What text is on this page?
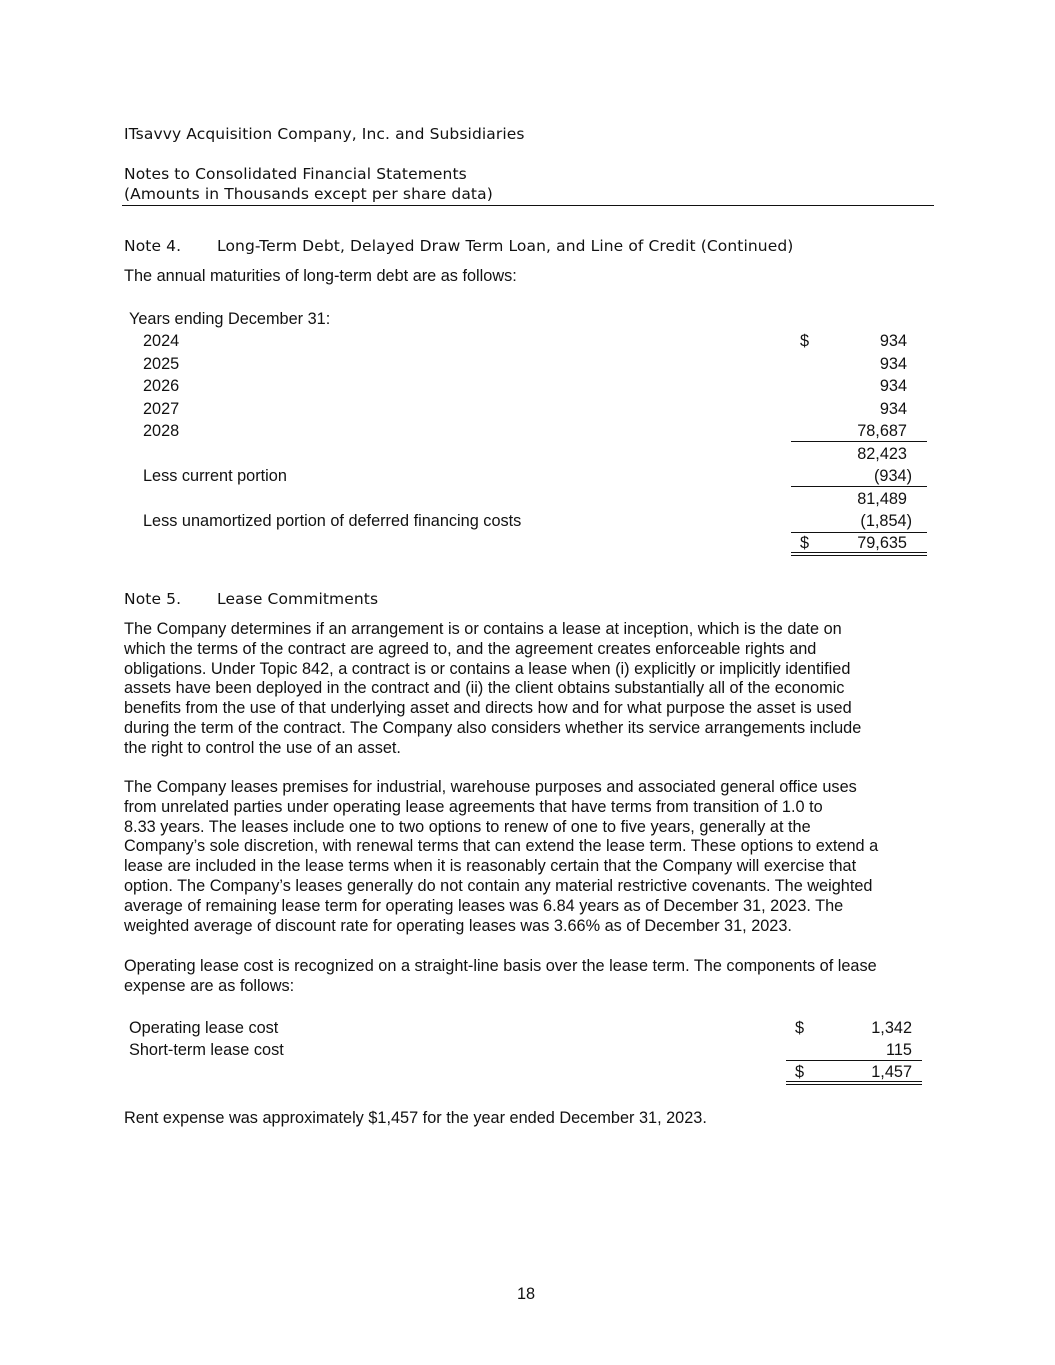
ITsavvy Acquisition Company, Inc. and Subsidiaries
Notes to Consolidated Financial Statements
(Amounts in Thousands except per share data)
Note 4. Long-Term Debt, Delayed Draw Term Loan, and Line of Credit (Continued)
The annual maturities of long-term debt are as follows:
Years ending December 31:
2024	$	934
2025	934
2026	934
2027	934
2028	78,687
82,423
Less current portion	(934)
81,489
Less unamortized portion of deferred financing costs	(1,854)
$	79,635
Note 5. Lease Commitments
The Company determines if an arrangement is or contains a lease at inception, which is the date on
which the terms of the contract are agreed to, and the agreement creates enforceable rights and
obligations. Under Topic 842, a contract is or contains a lease when (i) explicitly or implicitly identified
assets have been deployed in the contract and (ii) the client obtains substantially all of the economic
benefits from the use of that underlying asset and directs how and for what purpose the asset is used
during the term of the contract. The Company also considers whether its service arrangements include
the right to control the use of an asset.
The Company leases premises for industrial, warehouse purposes and associated general office uses
from unrelated parties under operating lease agreements that have terms from transition of 1.0 to
8.33 years. The leases include one to two options to renew of one to five years, generally at the
Company’s sole discretion, with renewal terms that can extend the lease term. These options to extend a
lease are included in the lease terms when it is reasonably certain that the Company will exercise that
option. The Company’s leases generally do not contain any material restrictive covenants. The weighted
average of remaining lease term for operating leases was 6.84 years as of December 31, 2023. The
weighted average of discount rate for operating leases was 3.66% as of December 31, 2023.
Operating lease cost is recognized on a straight-line basis over the lease term. The components of lease
expense are as follows:
Operating lease cost	$	1,342
Short-term lease cost	115
$	1,457
Rent expense was approximately $1,457 for the year ended December 31, 2023.
18
